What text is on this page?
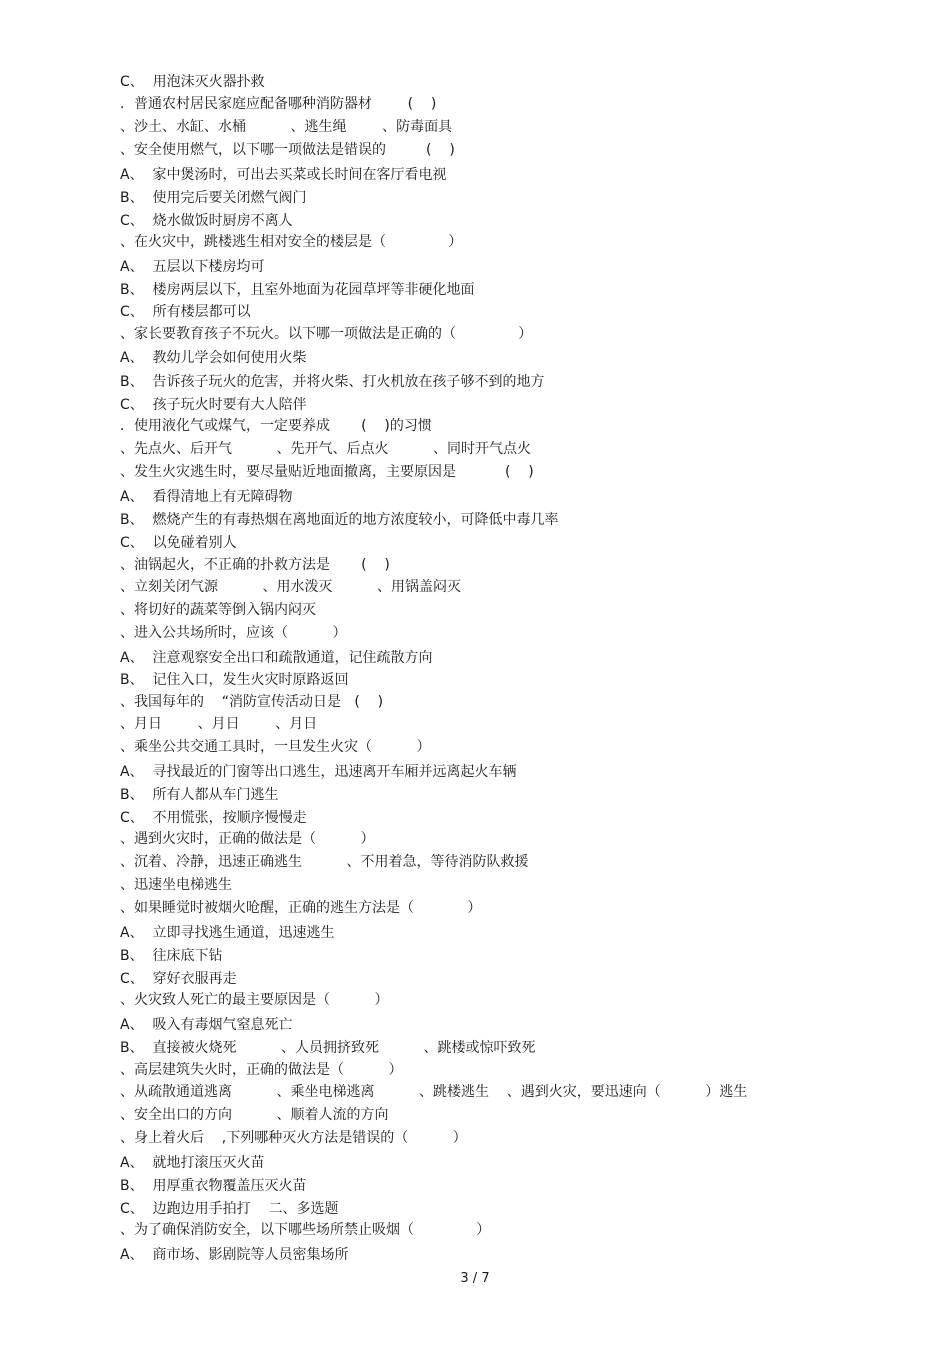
C、  用泡沫灭火器扑救
．普通农村居民家庭应配备哪种消防器材        (    )
、沙土、水缸、水桶          、逃生绳        、防毒面具
、安全使用燃气，以下哪一项做法是错误的         (    )
A、  家中煲汤时，可出去买菜或长时间在客厅看电视
B、  使用完后要关闭燃气阀门
C、  烧水做饭时厨房不离人
、在火灾中，跳楼逃生相对安全的楼层是（              ）
A、  五层以下楼房均可
B、  楼房两层以下，且室外地面为花园草坪等非硬化地面
C、  所有楼层都可以
、家长要教育孩子不玩火。以下哪一项做法是正确的（              ）
A、  教幼儿学会如何使用火柴
B、  告诉孩子玩火的危害，并将火柴、打火机放在孩子够不到的地方
C、  孩子玩火时要有大人陪伴
．使用液化气或煤气，一定要养成       (    )的习惯
、先点火、后开气          、先开气、后点火          、同时开气点火
、发生火灾逃生时，要尽量贴近地面撤离，主要原因是           (    )
A、  看得清地上有无障碍物
B、  燃烧产生的有毒热烟在离地面近的地方浓度较小，可降低中毒几率
C、  以免碰着别人
、油锅起火，不正确的扑救方法是       (    )
、立刻关闭气源          、用水泼灭          、用锅盖闷灭
、将切好的蔬菜等倒入锅内闷灭
、进入公共场所时，应该（          ）
A、  注意观察安全出口和疏散通道，记住疏散方向
B、  记住入口，发生火灾时原路返回
、我国每年的    “消防宣传活动日是   (    )
、月日        、月日        、月日
、乘坐公共交通工具时，一旦发生火灾（          ）
A、  寻找最近的门窗等出口逃生，迅速离开车厢并远离起火车辆
B、  所有人都从车门逃生
C、  不用慌张，按顺序慢慢走
、遇到火灾时，正确的做法是（          ）
、沉着、冷静，迅速正确逃生          、不用着急，等待消防队救援
、迅速坐电梯逃生
、如果睡觉时被烟火呛醒，正确的逃生方法是（            ）
A、  立即寻找逃生通道，迅速逃生
B、  往床底下钻
C、  穿好衣服再走
、火灾致人死亡的最主要原因是（          ）
A、  吸入有毒烟气窒息死亡
B、  直接被火烧死          、人员拥挤致死          、跳楼或惊吓致死
、高层建筑失火时，正确的做法是（          ）
、从疏散通道逃离          、乘坐电梯逃离          、跳楼逃生    、遇到火灾，要迅速向（          ）逃生
、安全出口的方向          、顺着人流的方向
、身上着火后    ,下列哪种灭火方法是错误的（          ）
A、  就地打滚压灭火苗
B、  用厚重衣物覆盖压灭火苗
C、  边跑边用手拍打    二、多选题
、为了确保消防安全，以下哪些场所禁止吸烟（              ）
A、  商市场、影剧院等人员密集场所
3 / 7
